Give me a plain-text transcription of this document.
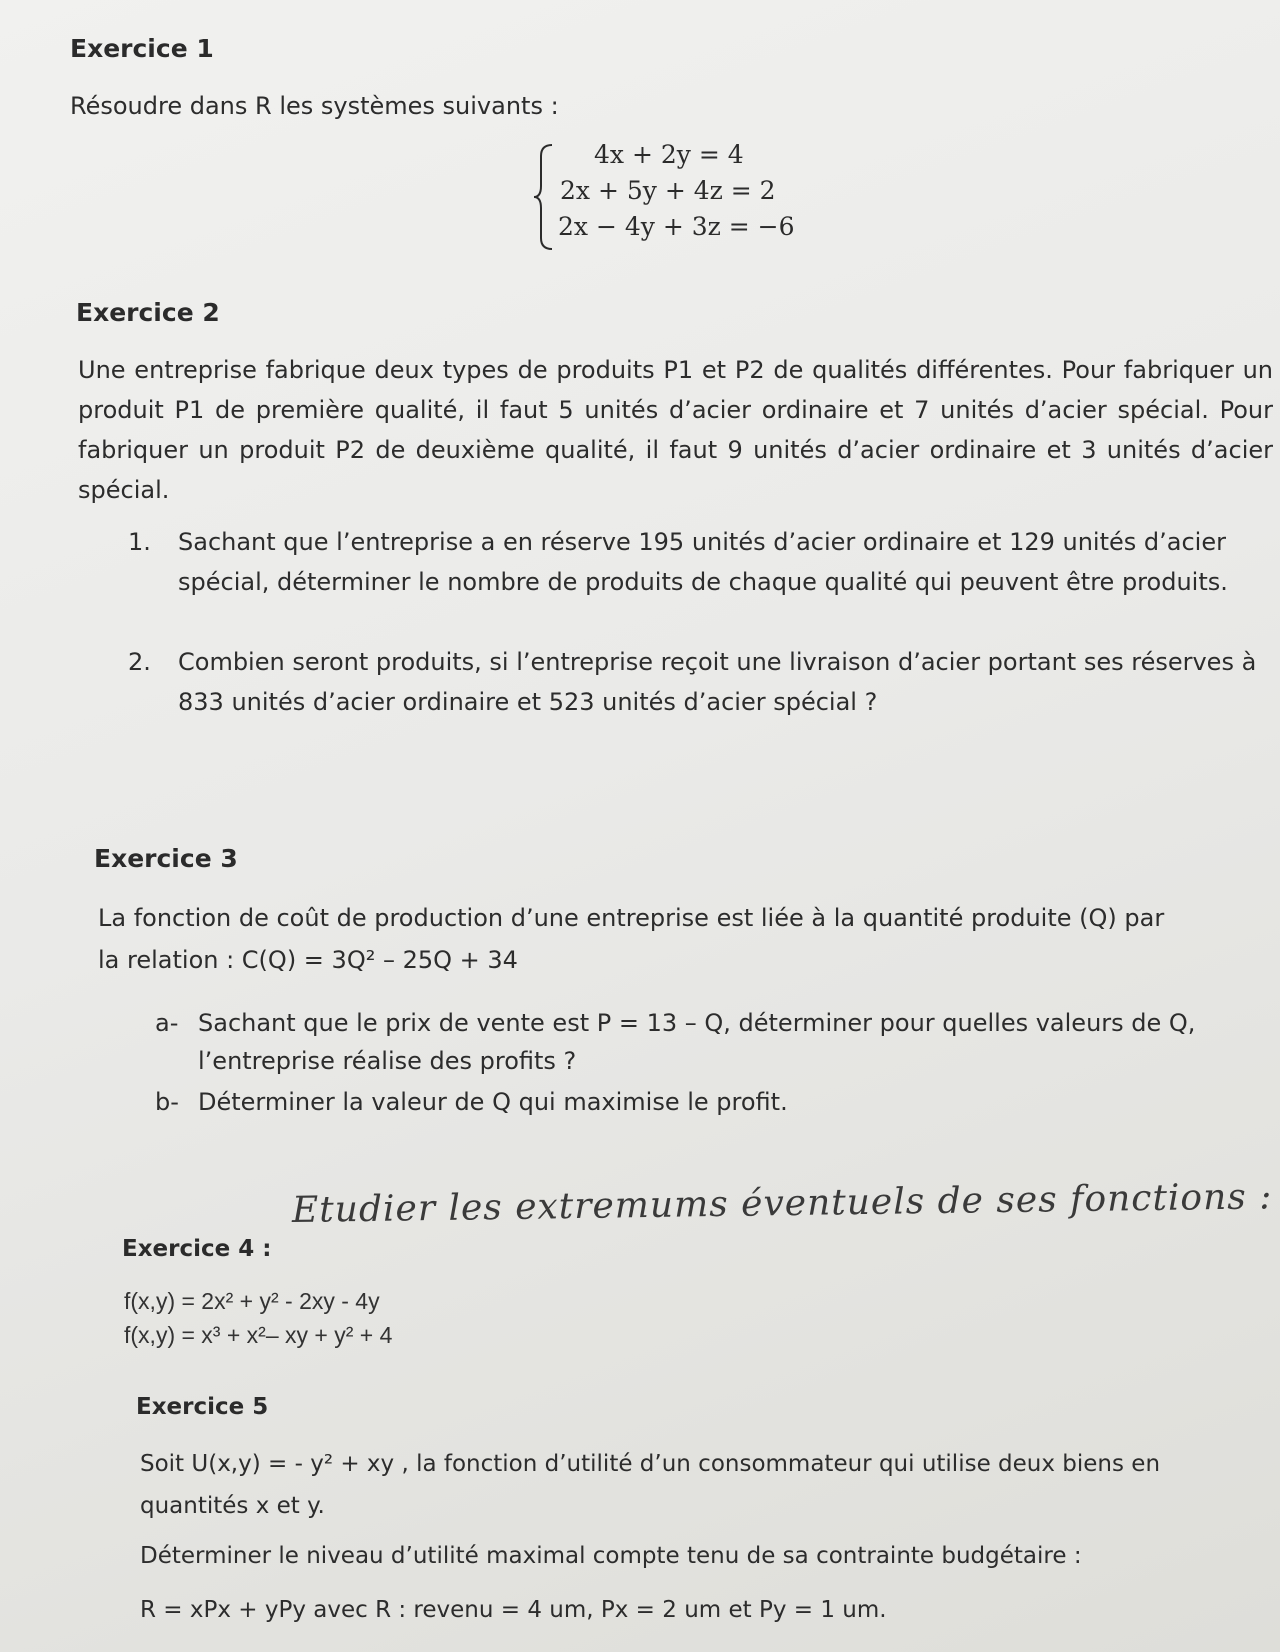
Exercice 1
Résoudre dans R les systèmes suivants :
4x + 2y = 4
2x + 5y + 4z = 2
2x − 4y + 3z = −6
Exercice 2
Une entreprise fabrique deux types de produits P1 et P2 de qualités différentes. Pour fabriquer un produit P1 de première qualité, il faut 5 unités d’acier ordinaire et 7 unités d’acier spécial. Pour fabriquer un produit P2 de deuxième qualité, il faut 9 unités d’acier ordinaire et 3 unités d’acier spécial.
1.	Sachant que l’entreprise a en réserve 195 unités d’acier ordinaire et 129 unités d’acier spécial, déterminer le nombre de produits de chaque qualité qui peuvent être produits.
2.	Combien seront produits, si l’entreprise reçoit une livraison d’acier portant ses réserves à 833 unités d’acier ordinaire et 523 unités d’acier spécial ?
Exercice 3
La fonction de coût de production d’une entreprise est liée à la quantité produite (Q) par
la relation : C(Q) = 3Q² – 25Q + 34
a- Sachant que le prix de vente est P = 13 – Q, déterminer pour quelles valeurs de Q, l’entreprise réalise des profits ?
b- Déterminer la valeur de Q qui maximise le profit.
Exercice 4 :
Etudier les extremums éventuels de ses fonctions :
f(x,y) = 2x² + y² - 2xy - 4y
f(x,y) = x³ + x²– xy + y² + 4
Exercice 5
Soit U(x,y) = - y² + xy , la fonction d’utilité d’un consommateur qui utilise deux biens en
quantités x et y.
Déterminer le niveau d’utilité maximal compte tenu de sa contrainte budgétaire :
R = xPx + yPy avec R : revenu = 4 um, Px = 2 um et Py = 1 um.
